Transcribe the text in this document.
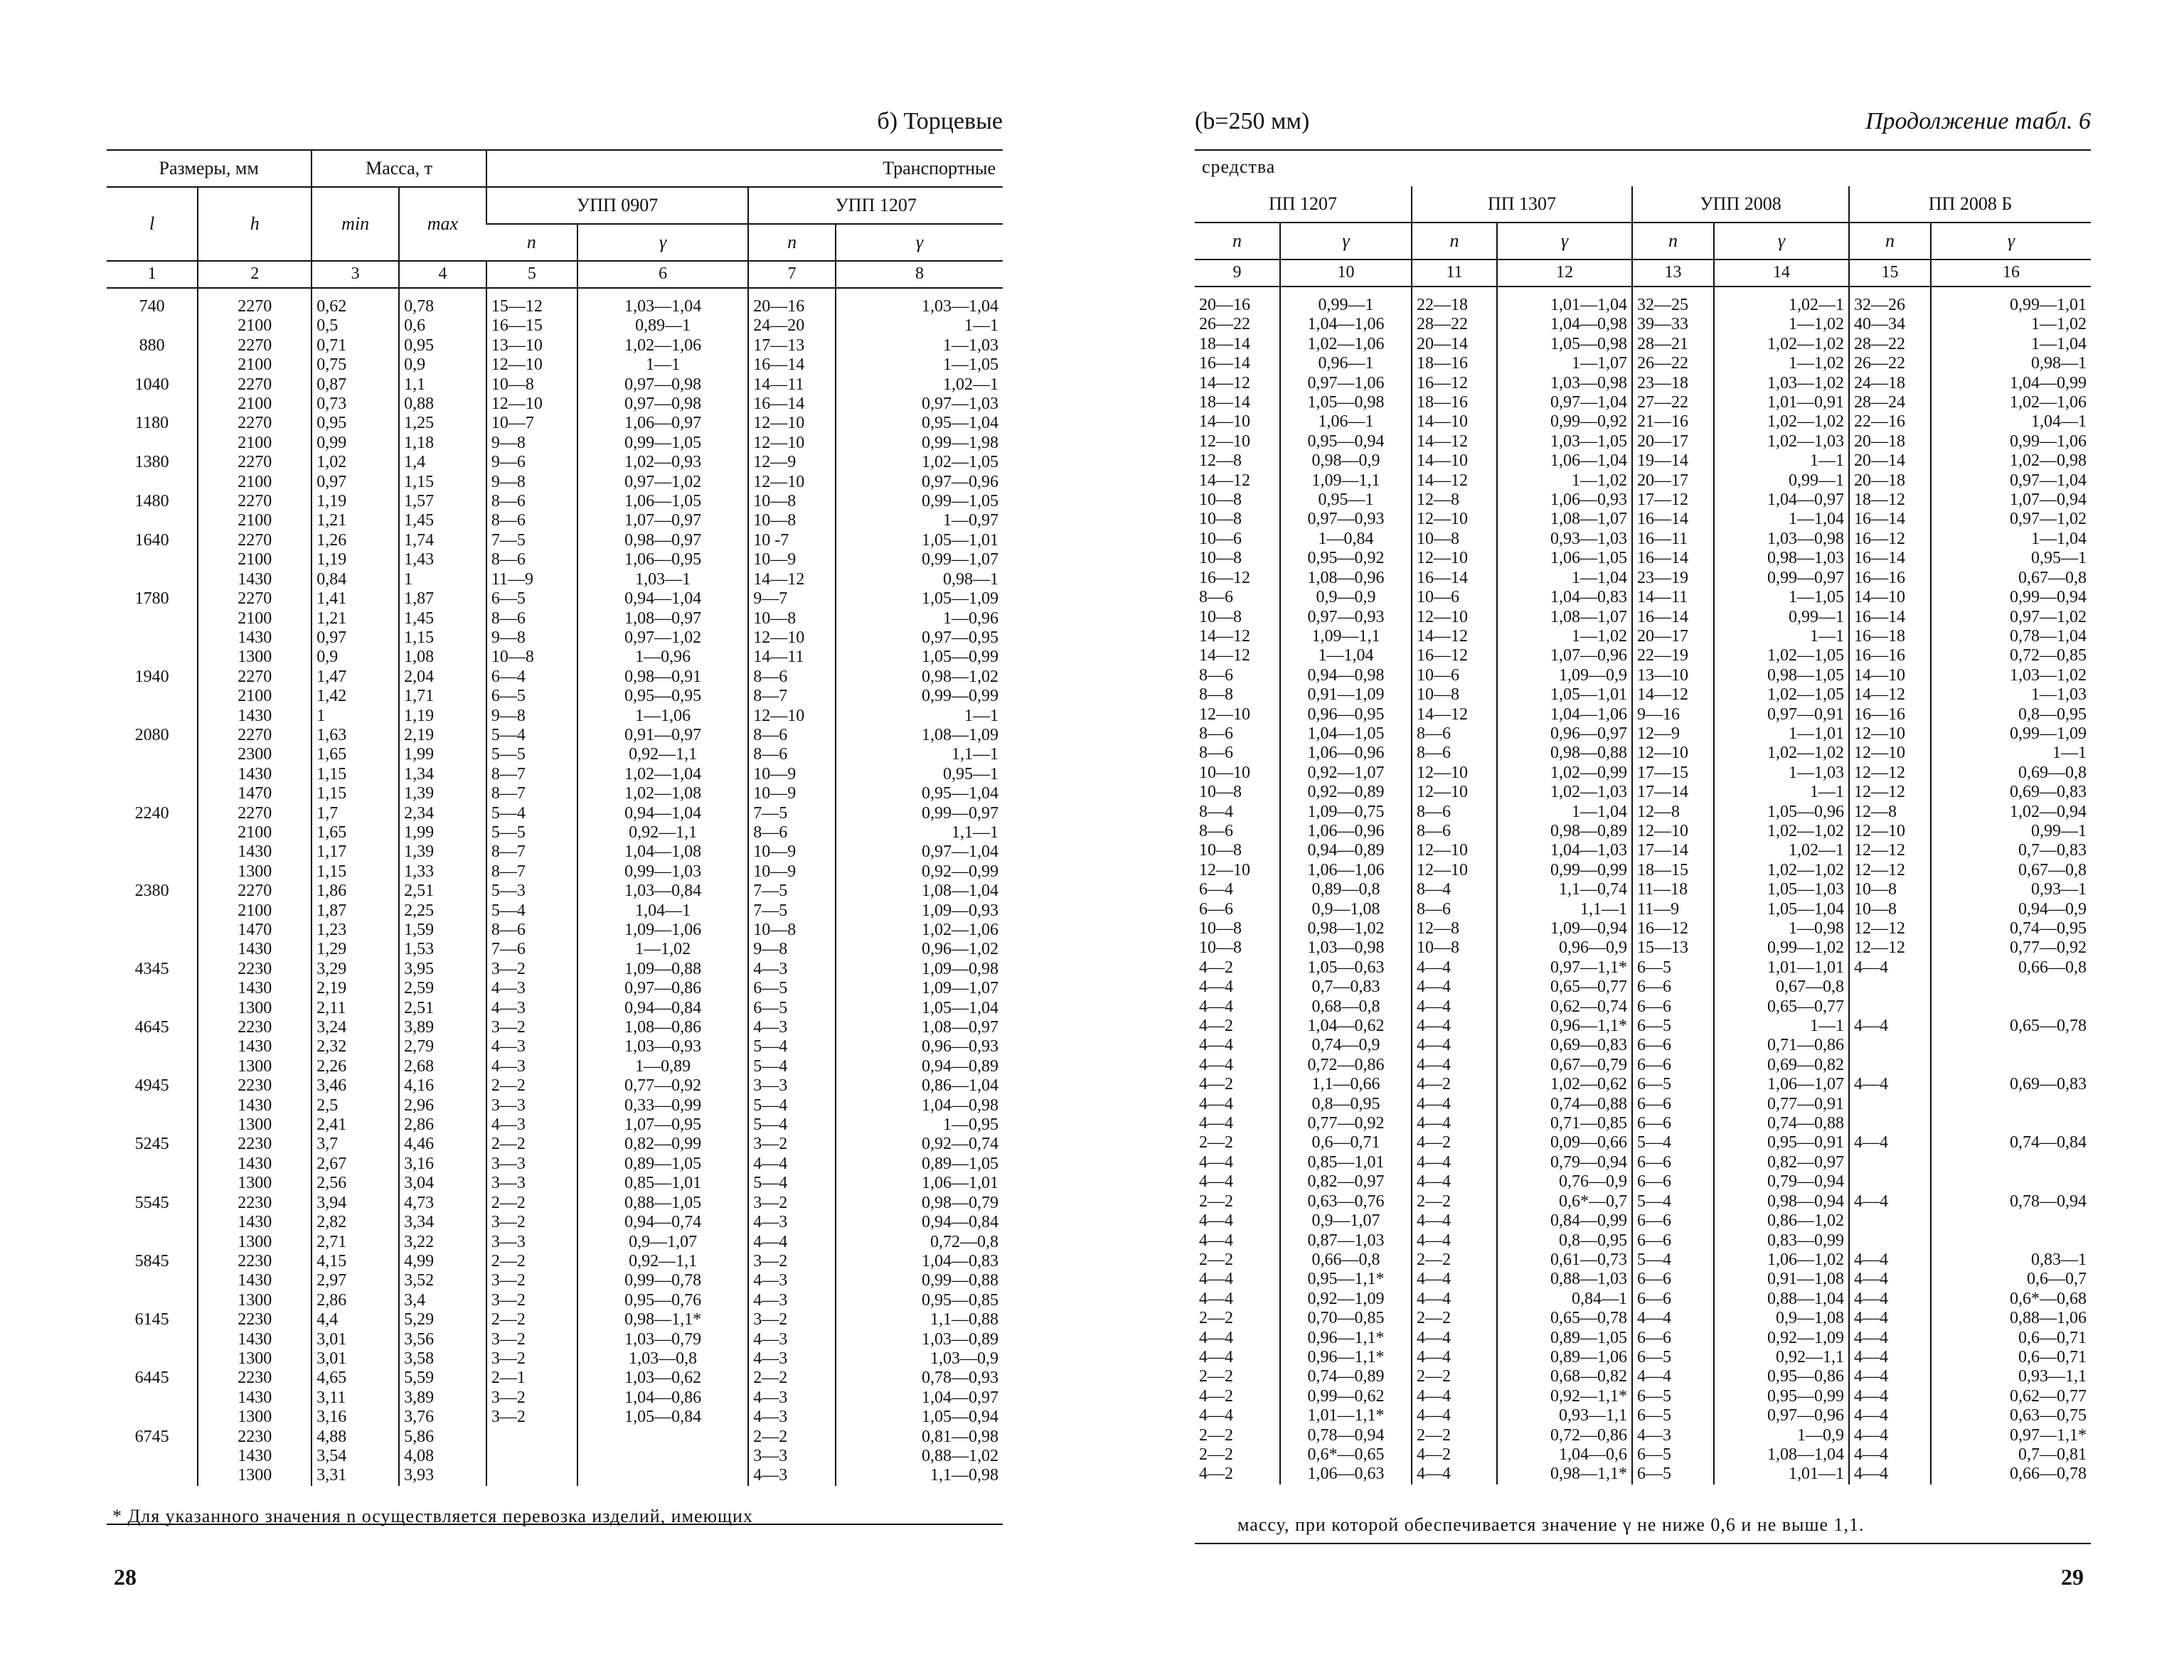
б) Торцевые
Размеры, мм		Масса, т		Транспортные			
l	h	min	max	УПП 0907		УПП 1207	
				n	γ	n	γ
1	2	3	4	5	6	7	8
740	2270	0,62	0,78	15—12	1,03—1,04	20—16	1,03—1,04
	2100	0,5	0,6	16—15	0,89—1	24—20	1—1
880	2270	0,71	0,95	13—10	1,02—1,06	17—13	1—1,03
	2100	0,75	0,9	12—10	1—1	16—14	1—1,05
1040	2270	0,87	1,1	10—8	0,97—0,98	14—11	1,02—1
	2100	0,73	0,88	12—10	0,97—0,98	16—14	0,97—1,03
1180	2270	0,95	1,25	10—7	1,06—0,97	12—10	0,95—1,04
	2100	0,99	1,18	9—8	0,99—1,05	12—10	0,99—1,98
1380	2270	1,02	1,4	9—6	1,02—0,93	12—9	1,02—1,05
	2100	0,97	1,15	9—8	0,97—1,02	12—10	0,97—0,96
1480	2270	1,19	1,57	8—6	1,06—1,05	10—8	0,99—1,05
	2100	1,21	1,45	8—6	1,07—0,97	10—8	1—0,97
1640	2270	1,26	1,74	7—5	0,98—0,97	10 -7	1,05—1,01
	2100	1,19	1,43	8—6	1,06—0,95	10—9	0,99—1,07
	1430	0,84	1	11—9	1,03—1	14—12	0,98—1
1780	2270	1,41	1,87	6—5	0,94—1,04	9—7	1,05—1,09
	2100	1,21	1,45	8—6	1,08—0,97	10—8	1—0,96
	1430	0,97	1,15	9—8	0,97—1,02	12—10	0,97—0,95
	1300	0,9	1,08	10—8	1—0,96	14—11	1,05—0,99
1940	2270	1,47	2,04	6—4	0,98—0,91	8—6	0,98—1,02
	2100	1,42	1,71	6—5	0,95—0,95	8—7	0,99—0,99
	1430	1	1,19	9—8	1—1,06	12—10	1—1
2080	2270	1,63	2,19	5—4	0,91—0,97	8—6	1,08—1,09
	2300	1,65	1,99	5—5	0,92—1,1	8—6	1,1—1
	1430	1,15	1,34	8—7	1,02—1,04	10—9	0,95—1
	1470	1,15	1,39	8—7	1,02—1,08	10—9	0,95—1,04
2240	2270	1,7	2,34	5—4	0,94—1,04	7—5	0,99—0,97
	2100	1,65	1,99	5—5	0,92—1,1	8—6	1,1—1
	1430	1,17	1,39	8—7	1,04—1,08	10—9	0,97—1,04
	1300	1,15	1,33	8—7	0,99—1,03	10—9	0,92—0,99
2380	2270	1,86	2,51	5—3	1,03—0,84	7—5	1,08—1,04
	2100	1,87	2,25	5—4	1,04—1	7—5	1,09—0,93
	1470	1,23	1,59	8—6	1,09—1,06	10—8	1,02—1,06
	1430	1,29	1,53	7—6	1—1,02	9—8	0,96—1,02
4345	2230	3,29	3,95	3—2	1,09—0,88	4—3	1,09—0,98
	1430	2,19	2,59	4—3	0,97—0,86	6—5	1,09—1,07
	1300	2,11	2,51	4—3	0,94—0,84	6—5	1,05—1,04
4645	2230	3,24	3,89	3—2	1,08—0,86	4—3	1,08—0,97
	1430	2,32	2,79	4—3	1,03—0,93	5—4	0,96—0,93
	1300	2,26	2,68	4—3	1—0,89	5—4	0,94—0,89
4945	2230	3,46	4,16	2—2	0,77—0,92	3—3	0,86—1,04
	1430	2,5	2,96	3—3	0,33—0,99	5—4	1,04—0,98
	1300	2,41	2,86	4—3	1,07—0,95	5—4	1—0,95
5245	2230	3,7	4,46	2—2	0,82—0,99	3—2	0,92—0,74
	1430	2,67	3,16	3—3	0,89—1,05	4—4	0,89—1,05
	1300	2,56	3,04	3—3	0,85—1,01	5—4	1,06—1,01
5545	2230	3,94	4,73	2—2	0,88—1,05	3—2	0,98—0,79
	1430	2,82	3,34	3—2	0,94—0,74	4—3	0,94—0,84
	1300	2,71	3,22	3—3	0,9—1,07	4—4	0,72—0,8
5845	2230	4,15	4,99	2—2	0,92—1,1	3—2	1,04—0,83
	1430	2,97	3,52	3—2	0,99—0,78	4—3	0,99—0,88
	1300	2,86	3,4	3—2	0,95—0,76	4—3	0,95—0,85
6145	2230	4,4	5,29	2—2	0,98—1,1*	3—2	1,1—0,88
	1430	3,01	3,56	3—2	1,03—0,79	4—3	1,03—0,89
	1300	3,01	3,58	3—2	1,03—0,8	4—3	1,03—0,9
6445	2230	4,65	5,59	2—1	1,03—0,62	2—2	0,78—0,93
	1430	3,11	3,89	3—2	1,04—0,86	4—3	1,04—0,97
	1300	3,16	3,76	3—2	1,05—0,84	4—3	1,05—0,94
6745	2230	4,88	5,86			2—2	0,81—0,98
	1430	3,54	4,08			3—3	0,88—1,02
	1300	3,31	3,93			4—3	1,1—0,98
* Для указанного значения n осуществляется перевозка изделий, имеющих
28
(b=250 мм)	Продолжение табл. 6
средства
ПП 1207		ПП 1307		УПП 2008		ПП 2008 Б	
n	γ	n	γ	n	γ	n	γ
9	10	11	12	13	14	15	16
20—16	0,99—1	22—18	1,01—1,04	32—25	1,02—1	32—26	0,99—1,01
26—22	1,04—1,06	28—22	1,04—0,98	39—33	1—1,02	40—34	1—1,02
18—14	1,02—1,06	20—14	1,05—0,98	28—21	1,02—1,02	28—22	1—1,04
16—14	0,96—1	18—16	1—1,07	26—22	1—1,02	26—22	0,98—1
14—12	0,97—1,06	16—12	1,03—0,98	23—18	1,03—1,02	24—18	1,04—0,99
18—14	1,05—0,98	18—16	0,97—1,04	27—22	1,01—0,91	28—24	1,02—1,06
14—10	1,06—1	14—10	0,99—0,92	21—16	1,02—1,02	22—16	1,04—1
12—10	0,95—0,94	14—12	1,03—1,05	20—17	1,02—1,03	20—18	0,99—1,06
12—8	0,98—0,9	14—10	1,06—1,04	19—14	1—1	20—14	1,02—0,98
14—12	1,09—1,1	14—12	1—1,02	20—17	0,99—1	20—18	0,97—1,04
10—8	0,95—1	12—8	1,06—0,93	17—12	1,04—0,97	18—12	1,07—0,94
10—8	0,97—0,93	12—10	1,08—1,07	16—14	1—1,04	16—14	0,97—1,02
10—6	1—0,84	10—8	0,93—1,03	16—11	1,03—0,98	16—12	1—1,04
10—8	0,95—0,92	12—10	1,06—1,05	16—14	0,98—1,03	16—14	0,95—1
16—12	1,08—0,96	16—14	1—1,04	23—19	0,99—0,97	16—16	0,67—0,8
8—6	0,9—0,9	10—6	1,04—0,83	14—11	1—1,05	14—10	0,99—0,94
10—8	0,97—0,93	12—10	1,08—1,07	16—14	0,99—1	16—14	0,97—1,02
14—12	1,09—1,1	14—12	1—1,02	20—17	1—1	16—18	0,78—1,04
14—12	1—1,04	16—12	1,07—0,96	22—19	1,02—1,05	16—16	0,72—0,85
8—6	0,94—0,98	10—6	1,09—0,9	13—10	0,98—1,05	14—10	1,03—1,02
8—8	0,91—1,09	10—8	1,05—1,01	14—12	1,02—1,05	14—12	1—1,03
12—10	0,96—0,95	14—12	1,04—1,06	9—16	0,97—0,91	16—16	0,8—0,95
8—6	1,04—1,05	8—6	0,96—0,97	12—9	1—1,01	12—10	0,99—1,09
8—6	1,06—0,96	8—6	0,98—0,88	12—10	1,02—1,02	12—10	1—1
10—10	0,92—1,07	12—10	1,02—0,99	17—15	1—1,03	12—12	0,69—0,8
10—8	0,92—0,89	12—10	1,02—1,03	17—14	1—1	12—12	0,69—0,83
8—4	1,09—0,75	8—6	1—1,04	12—8	1,05—0,96	12—8	1,02—0,94
8—6	1,06—0,96	8—6	0,98—0,89	12—10	1,02—1,02	12—10	0,99—1
10—8	0,94—0,89	12—10	1,04—1,03	17—14	1,02—1	12—12	0,7—0,83
12—10	1,06—1,06	12—10	0,99—0,99	18—15	1,02—1,02	12—12	0,67—0,8
6—4	0,89—0,8	8—4	1,1—0,74	11—18	1,05—1,03	10—8	0,93—1
6—6	0,9—1,08	8—6	1,1—1	11—9	1,05—1,04	10—8	0,94—0,9
10—8	0,98—1,02	12—8	1,09—0,94	16—12	1—0,98	12—12	0,74—0,95
10—8	1,03—0,98	10—8	0,96—0,9	15—13	0,99—1,02	12—12	0,77—0,92
4—2	1,05—0,63	4—4	0,97—1,1*	6—5	1,01—1,01	4—4	0,66—0,8
4—4	0,7—0,83	4—4	0,65—0,77	6—6	0,67—0,8		
4—4	0,68—0,8	4—4	0,62—0,74	6—6	0,65—0,77		
4—2	1,04—0,62	4—4	0,96—1,1*	6—5	1—1	4—4	0,65—0,78
4—4	0,74—0,9	4—4	0,69—0,83	6—6	0,71—0,86		
4—4	0,72—0,86	4—4	0,67—0,79	6—6	0,69—0,82		
4—2	1,1—0,66	4—2	1,02—0,62	6—5	1,06—1,07	4—4	0,69—0,83
4—4	0,8—0,95	4—4	0,74—0,88	6—6	0,77—0,91		
4—4	0,77—0,92	4—4	0,71—0,85	6—6	0,74—0,88		
2—2	0,6—0,71	4—2	0,09—0,66	5—4	0,95—0,91	4—4	0,74—0,84
4—4	0,85—1,01	4—4	0,79—0,94	6—6	0,82—0,97		
4—4	0,82—0,97	4—4	0,76—0,9	6—6	0,79—0,94		
2—2	0,63—0,76	2—2	0,6*—0,7	5—4	0,98—0,94	4—4	0,78—0,94
4—4	0,9—1,07	4—4	0,84—0,99	6—6	0,86—1,02		
4—4	0,87—1,03	4—4	0,8—0,95	6—6	0,83—0,99		
2—2	0,66—0,8	2—2	0,61—0,73	5—4	1,06—1,02	4—4	0,83—1
4—4	0,95—1,1*	4—4	0,88—1,03	6—6	0,91—1,08	4—4	0,6—0,7
4—4	0,92—1,09	4—4	0,84—1	6—6	0,88—1,04	4—4	0,6*—0,68
2—2	0,70—0,85	2—2	0,65—0,78	4—4	0,9—1,08	4—4	0,88—1,06
4—4	0,96—1,1*	4—4	0,89—1,05	6—6	0,92—1,09	4—4	0,6—0,71
4—4	0,96—1,1*	4—4	0,89—1,06	6—5	0,92—1,1	4—4	0,6—0,71
2—2	0,74—0,89	2—2	0,68—0,82	4—4	0,95—0,86	4—4	0,93—1,1
4—2	0,99—0,62	4—4	0,92—1,1*	6—5	0,95—0,99	4—4	0,62—0,77
4—4	1,01—1,1*	4—4	0,93—1,1	6—5	0,97—0,96	4—4	0,63—0,75
2—2	0,78—0,94	2—2	0,72—0,86	4—3	1—0,9	4—4	0,97—1,1*
2—2	0,6*—0,65	4—2	1,04—0,6	6—5	1,08—1,04	4—4	0,7—0,81
4—2	1,06—0,63	4—4	0,98—1,1*	6—5	1,01—1	4—4	0,66—0,78
массу, при которой обеспечивается значение γ не ниже 0,6 и не выше 1,1.
29
